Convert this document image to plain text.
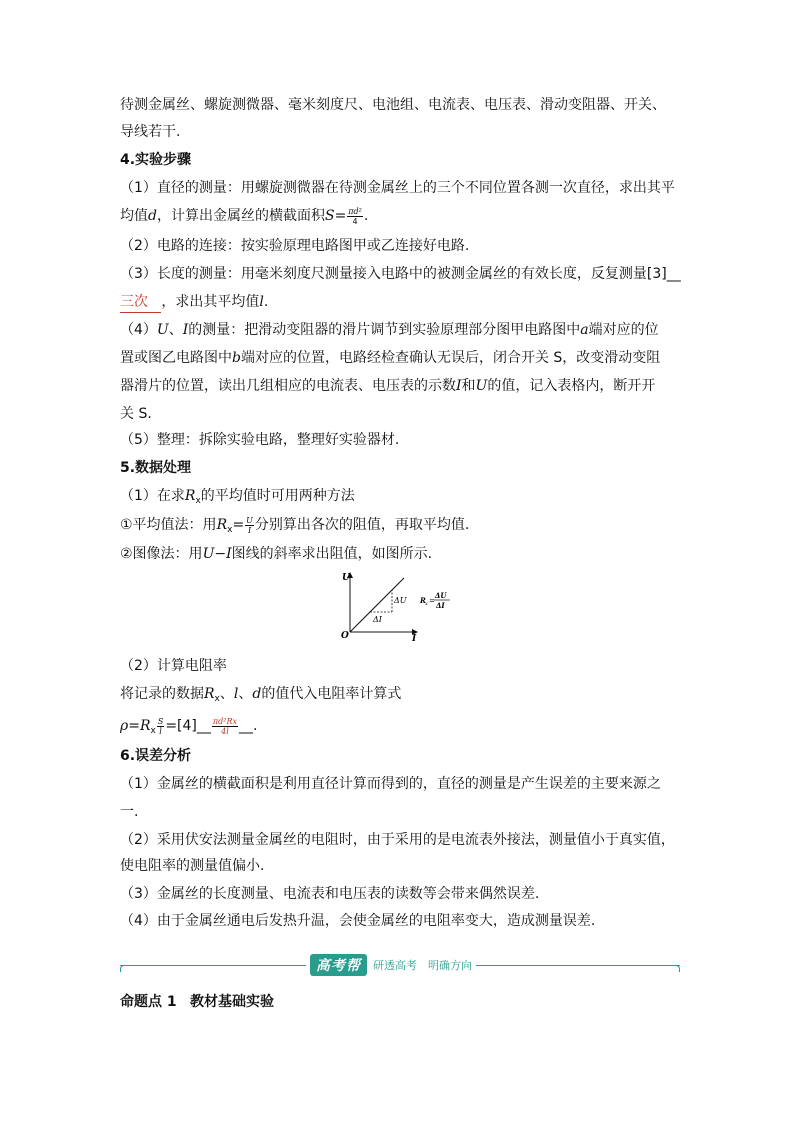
待测金属丝、螺旋测微器、毫米刻度尺、电池组、电流表、电压表、滑动变阻器、开关、
导线若干.
4.实验步骤
（1）直径的测量：用螺旋测微器在待测金属丝上的三个不同位置各测一次直径，求出其平
均值d，计算出金属丝的横截面积$S= \frac{\text{πd²}}{4}$ .
（2）电路的连接：按实验原理电路图甲或乙连接好电路.
（3）长度的测量：用毫米刻度尺测量接入电路中的被测金属丝的有效长度，反复测量[3]__
三次 ，求出其平均值l.
（4）U、I的测量：把滑动变阻器的滑片调节到实验原理部分图甲电路图中a端对应的位
置或图乙电路图中b端对应的位置，电路经检查确认无误后，闭合开关 S，改变滑动变阻
器滑片的位置，读出几组相应的电流表、电压表的示数I和U的值，记入表格内，断开开
关 S.
（5）整理：拆除实验电路，整理好实验器材.
5.数据处理
（1）在求$R_x$的平均值时可用两种方法
①平均值法：用$R_x= \frac{U}{I}$ 分别算出各次的阻值，再取平均值.
②图像法：用U−I图线的斜率求出阻值，如图所示.
U
I
O
ΔU
ΔI
R x =
ΔU
ΔI
（2）计算电阻率
将记录的数据$R_x$、l、d的值代入电阻率计算式
$\rho=R_x \frac{S}{l}$ =[4]__ $\frac{\text{πd²Rx}}{4l}$ __.
6.误差分析
（1）金属丝的横截面积是利用直径计算而得到的，直径的测量是产生误差的主要来源之
一.
（2）采用伏安法测量金属丝的电阻时，由于采用的是电流表外接法，测量值小于真实值，
使电阻率的测量值偏小.
（3）金属丝的长度测量、电流表和电压表的读数等会带来偶然误差.
（4）由于金属丝通电后发热升温，会使金属丝的电阻率变大，造成测量误差.
高考帮	研透高考　明确方向
命题点 1 教材基础实验
